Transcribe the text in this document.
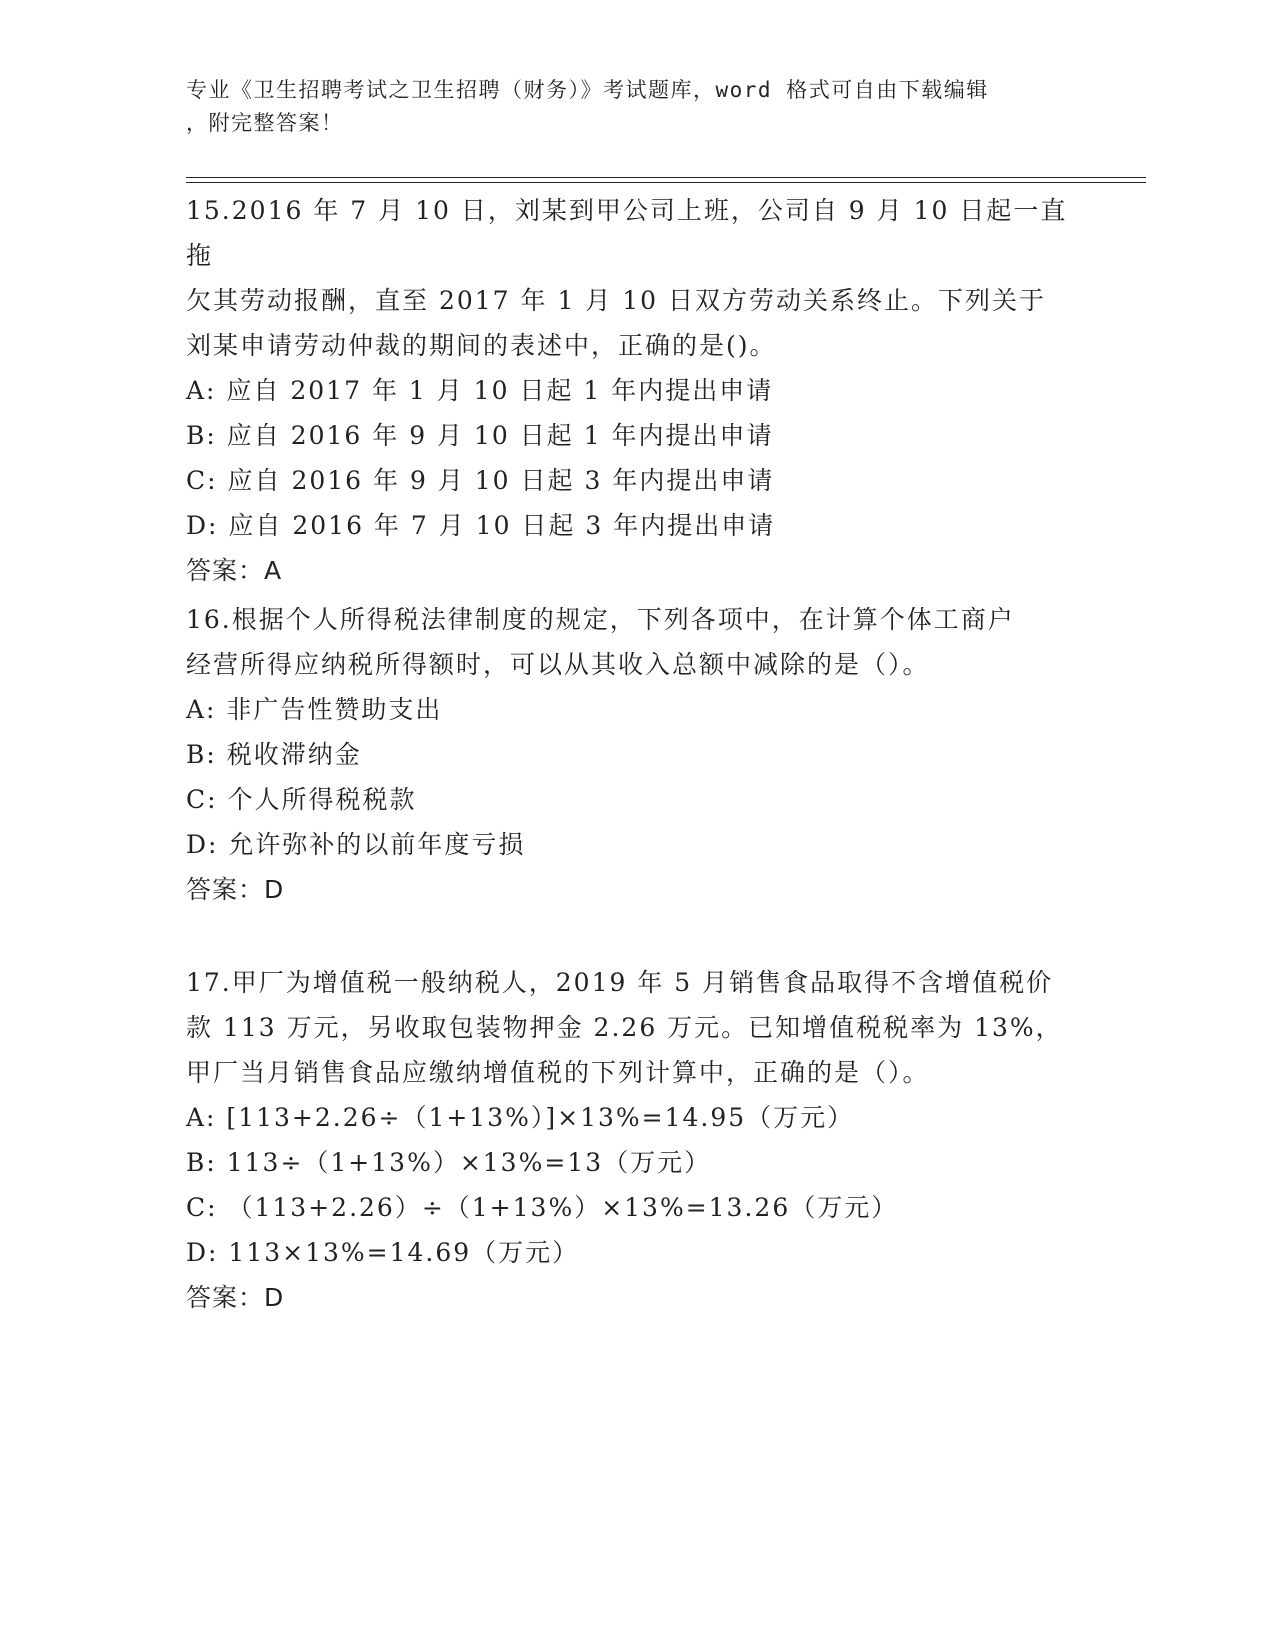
专业《卫生招聘考试之卫生招聘（财务）》考试题库，word 格式可自由下载编辑
，附完整答案！

15.2016 年 7 月 10 日，刘某到甲公司上班，公司自 9 月 10 日起一直拖

欠其劳动报酬，直至 2017 年 1 月 10 日双方劳动关系终止。下列关于

刘某申请劳动仲裁的期间的表述中，正确的是()。

A: 应自 2017 年 1 月 10 日起 1 年内提出申请

B: 应自 2016 年 9 月 10 日起 1 年内提出申请

C: 应自 2016 年 9 月 10 日起 3 年内提出申请

D: 应自 2016 年 7 月 10 日起 3 年内提出申请

答案：A

16.根据个人所得税法律制度的规定，下列各项中，在计算个体工商户

经营所得应纳税所得额时，可以从其收入总额中减除的是（）。

A: 非广告性赞助支出

B: 税收滞纳金

C: 个人所得税税款

D: 允许弥补的以前年度亏损

答案：D

17.甲厂为增值税一般纳税人，2019 年 5 月销售食品取得不含增值税价

款 113 万元，另收取包装物押金 2.26 万元。已知增值税税率为 13%，

甲厂当月销售食品应缴纳增值税的下列计算中，正确的是（）。

A: [113+2.26÷（1+13%）]×13%=14.95（万元）

B: 113÷（1+13%）×13%=13（万元）

C: （113+2.26）÷（1+13%）×13%=13.26（万元）

D: 113×13%=14.69（万元）

答案：D
